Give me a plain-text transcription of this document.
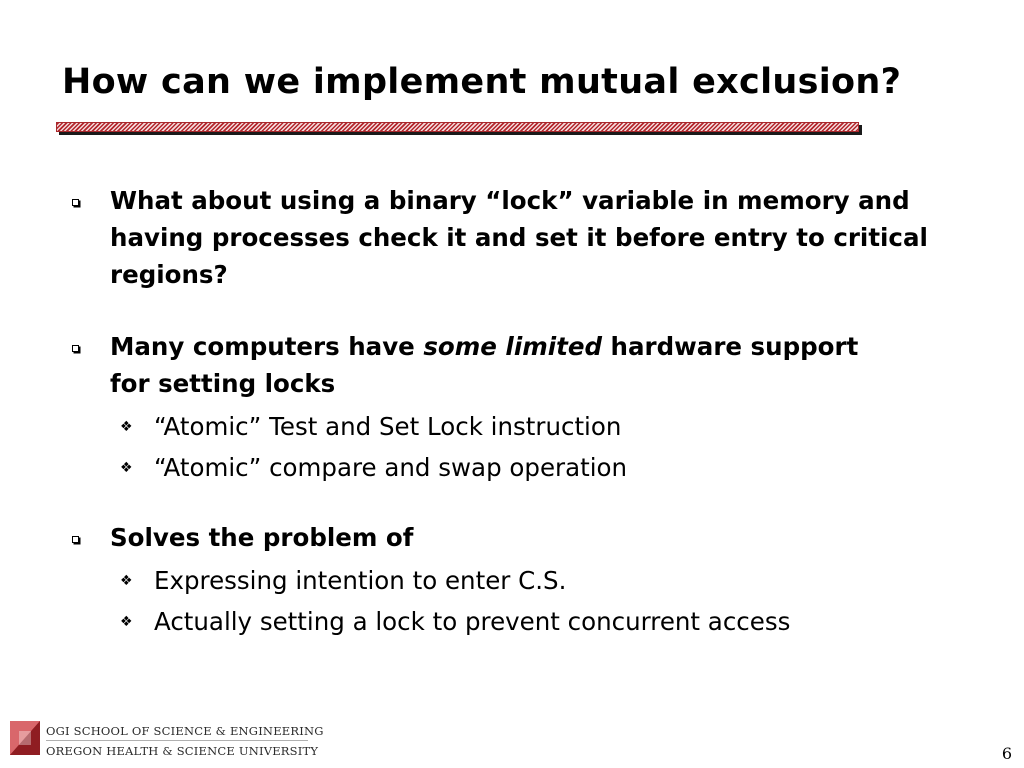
How can we implement mutual exclusion?

What about using a binary “lock” variable in memory and having processes check it and set it before entry to critical regions?

Many computers have some limited hardware support for setting locks

❖ “Atomic” Test and Set Lock instruction

❖ “Atomic” compare and swap operation

Solves the problem of

❖ Expressing intention to enter C.S.

❖ Actually setting a lock to prevent concurrent access

OGI SCHOOL OF SCIENCE & ENGINEERING
OREGON HEALTH & SCIENCE UNIVERSITY	6
